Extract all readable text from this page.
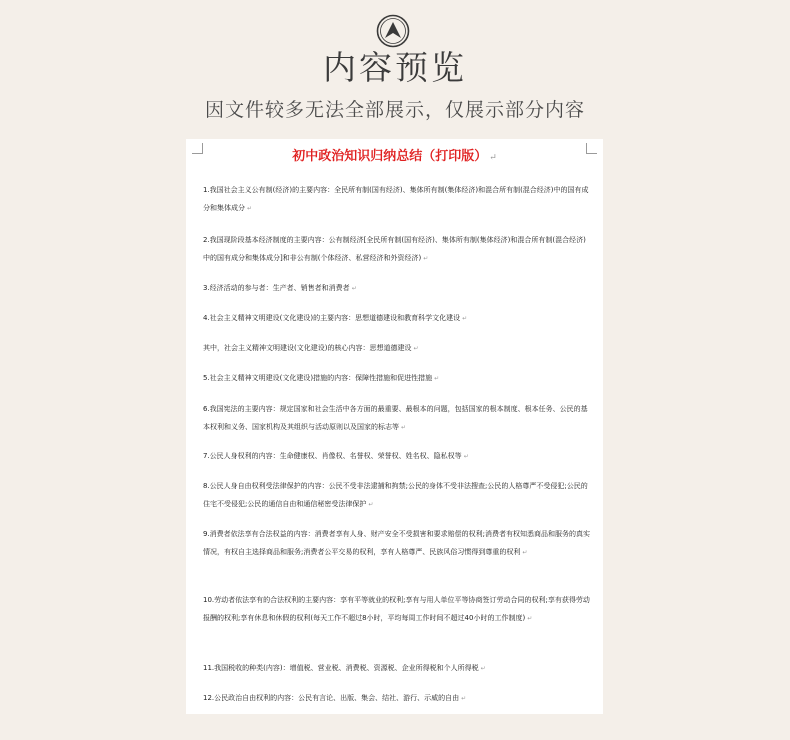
内容预览
因文件较多无法全部展示，仅展示部分内容
初中政治知识归纳总结（打印版） ↵
1.我国社会主义公有制(经济)的主要内容：全民所有制(国有经济)、集体所有制(集体经济)和混合所有制(混合经济)中的国有成分和集体成分 ↵
2.我国现阶段基本经济制度的主要内容：公有制经济[全民所有制(国有经济)、集体所有制(集体经济)和混合所有制(混合经济)中的国有成分和集体成分]和非公有制(个体经济、私营经济和外资经济) ↵
3.经济活动的参与者：生产者、销售者和消费者 ↵
4.社会主义精神文明建设(文化建设)的主要内容：思想道德建设和教育科学文化建设 ↵
其中，社会主义精神文明建设(文化建设)的核心内容：思想道德建设 ↵
5.社会主义精神文明建设(文化建设)措施的内容：保障性措施和促进性措施 ↵
6.我国宪法的主要内容：规定国家和社会生活中各方面的最重要、最根本的问题，包括国家的根本制度、根本任务、公民的基本权利和义务、国家机构及其组织与活动原则以及国家的标志等 ↵
7.公民人身权利的内容：生命健康权、肖像权、名誉权、荣誉权、姓名权、隐私权等 ↵
8.公民人身自由权利受法律保护的内容：公民不受非法逮捕和拘禁;公民的身体不受非法搜查;公民的人格尊严不受侵犯;公民的住宅不受侵犯;公民的通信自由和通信秘密受法律保护 ↵
9.消费者依法享有合法权益的内容：消费者享有人身、财产安全不受损害和要求赔偿的权利;消费者有权知悉商品和服务的真实情况，有权自主选择商品和服务;消费者公平交易的权利，享有人格尊严、民族风俗习惯得到尊重的权利 ↵
10.劳动者依法享有的合法权利的主要内容：享有平等就业的权利;享有与用人单位平等协商签订劳动合同的权利;享有获得劳动报酬的权利;享有休息和休假的权利(每天工作不超过8小时，平均每周工作时间不超过40小时的工作制度) ↵
11.我国税收的种类(内容)：增值税、营业税、消费税、资源税、企业所得税和个人所得税 ↵
12.公民政治自由权利的内容：公民有言论、出版、集会、结社、游行、示威的自由 ↵
